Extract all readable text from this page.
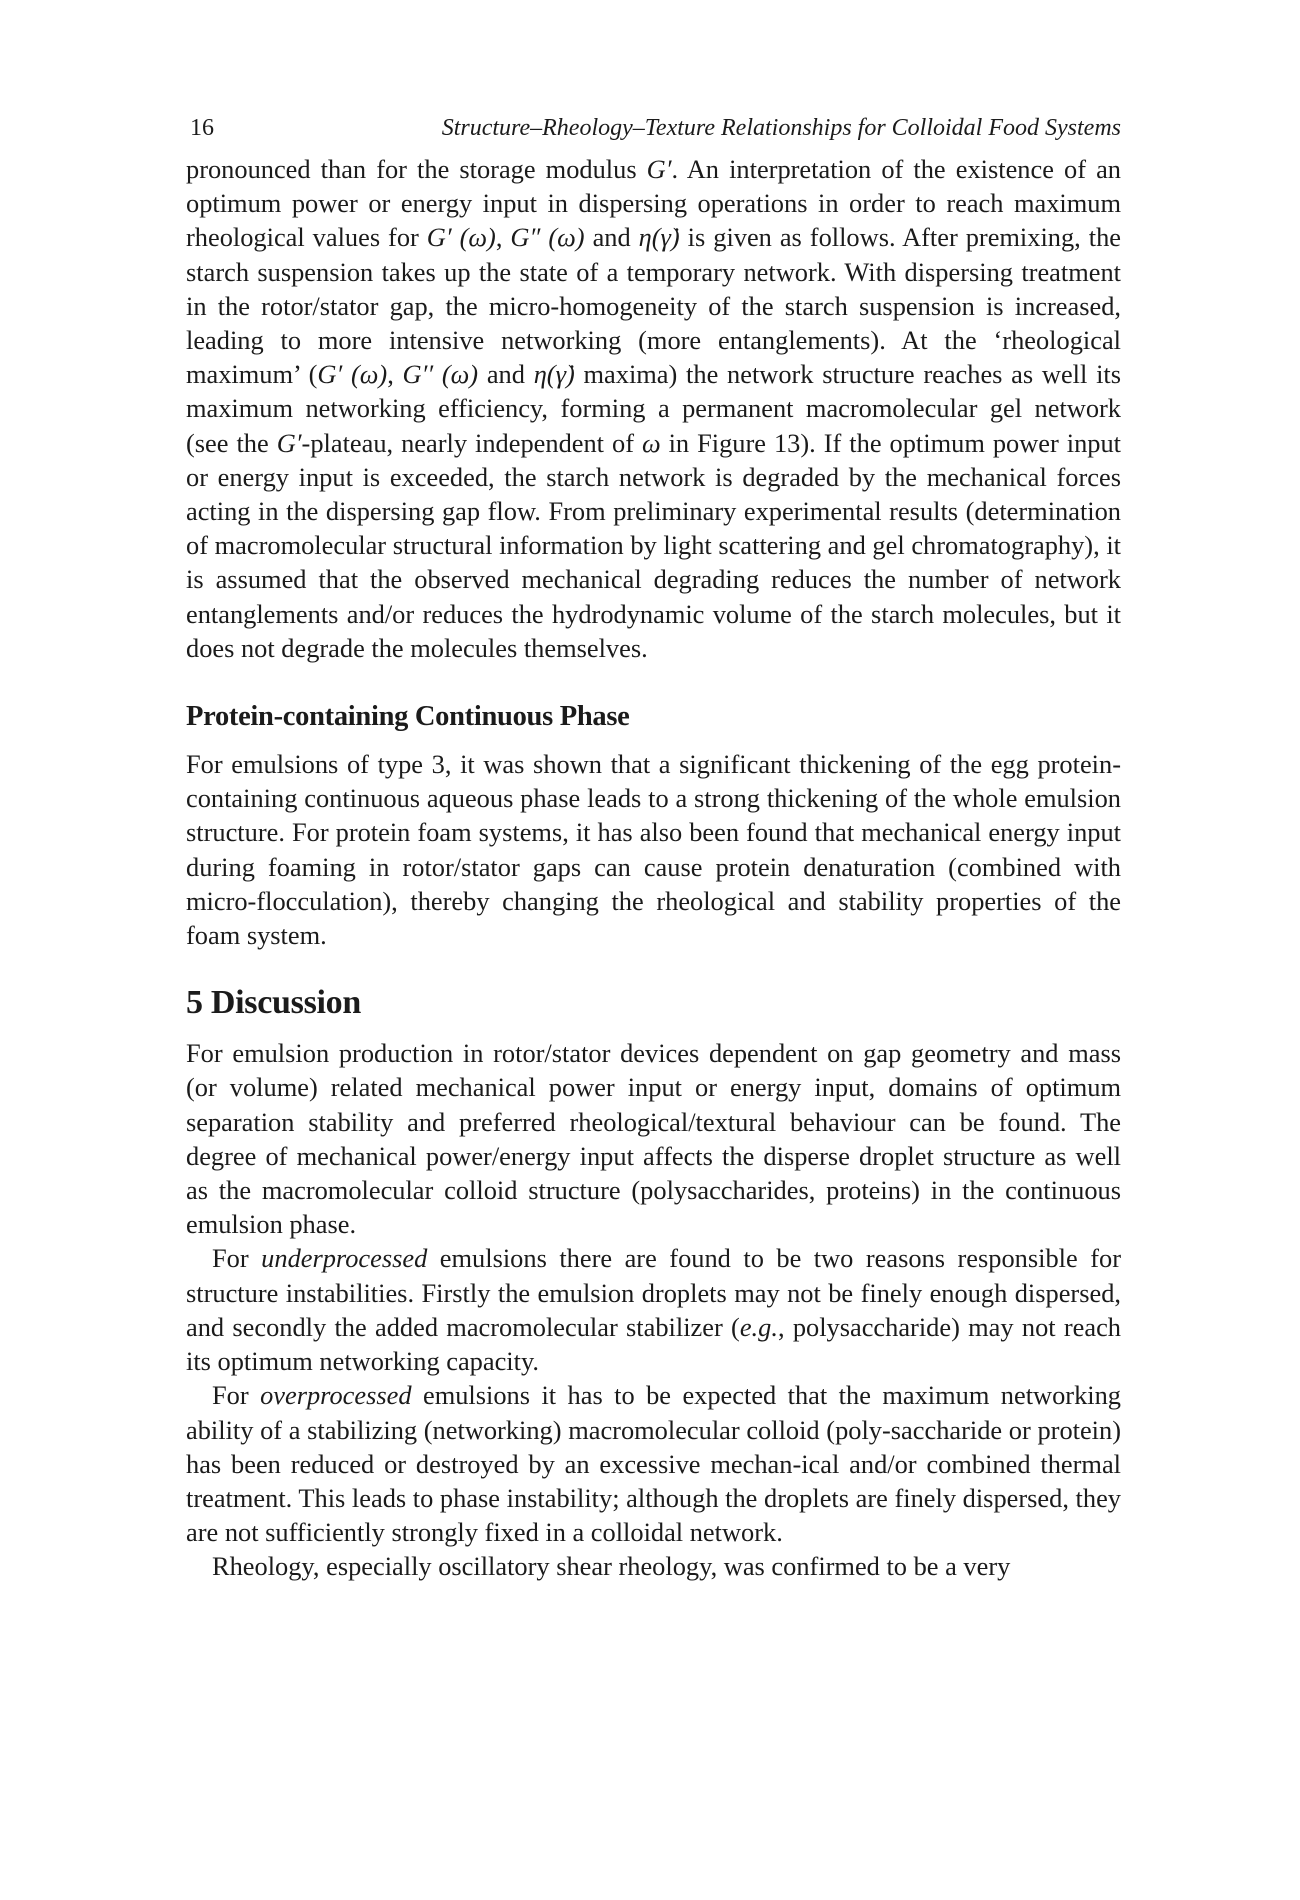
16	Structure–Rheology–Texture Relationships for Colloidal Food Systems

pronounced than for the storage modulus G′. An interpretation of the existence of an optimum power or energy input in dispersing operations in order to reach maximum rheological values for G′ (ω), G″ (ω) and η(γ̇) is given as follows. After premixing, the starch suspension takes up the state of a temporary network. With dispersing treatment in the rotor/stator gap, the micro-homogeneity of the starch suspension is increased, leading to more intensive networking (more entanglements). At the ‘rheological maximum’ (G′ (ω), G′′ (ω) and η(γ̇) maxima) the network structure reaches as well its maximum networking efficiency, forming a permanent macromolecular gel network (see the G′-plateau, nearly independent of ω in Figure 13). If the optimum power input or energy input is exceeded, the starch network is degraded by the mechanical forces acting in the dispersing gap flow. From preliminary experimental results (determination of macromolecular structural information by light scattering and gel chromatography), it is assumed that the observed mechanical degrading reduces the number of network entanglements and/or reduces the hydrodynamic volume of the starch molecules, but it does not degrade the molecules themselves.

Protein-containing Continuous Phase

For emulsions of type 3, it was shown that a significant thickening of the egg protein-containing continuous aqueous phase leads to a strong thickening of the whole emulsion structure. For protein foam systems, it has also been found that mechanical energy input during foaming in rotor/stator gaps can cause protein denaturation (combined with micro-flocculation), thereby changing the rheological and stability properties of the foam system.

5 Discussion

For emulsion production in rotor/stator devices dependent on gap geometry and mass (or volume) related mechanical power input or energy input, domains of optimum separation stability and preferred rheological/textural behaviour can be found. The degree of mechanical power/energy input affects the disperse droplet structure as well as the macromolecular colloid structure (polysaccharides, proteins) in the continuous emulsion phase.

For underprocessed emulsions there are found to be two reasons responsible for structure instabilities. Firstly the emulsion droplets may not be finely enough dispersed, and secondly the added macromolecular stabilizer (e.g., polysaccharide) may not reach its optimum networking capacity.

For overprocessed emulsions it has to be expected that the maximum networking ability of a stabilizing (networking) macromolecular colloid (poly-saccharide or protein) has been reduced or destroyed by an excessive mechan-ical and/or combined thermal treatment. This leads to phase instability; although the droplets are finely dispersed, they are not sufficiently strongly fixed in a colloidal network.

Rheology, especially oscillatory shear rheology, was confirmed to be a very
